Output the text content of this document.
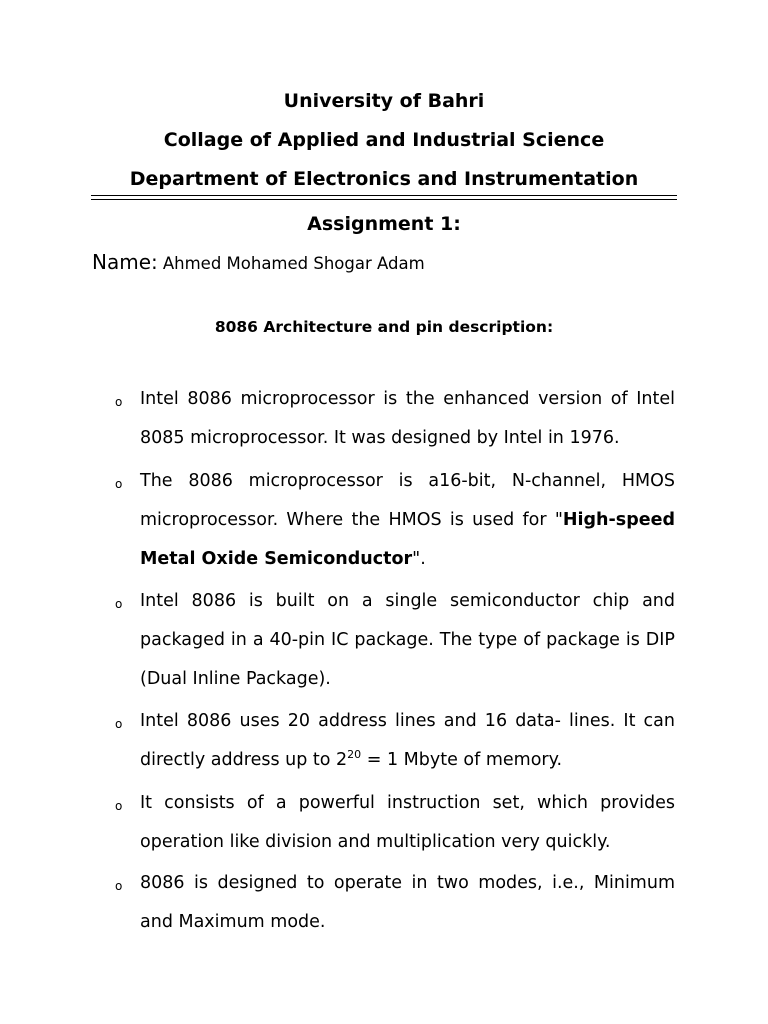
University of Bahri
Collage of Applied and Industrial Science
Department of Electronics and Instrumentation
Assignment 1:
Name: Ahmed Mohamed Shogar Adam
8086 Architecture and pin description:
o Intel 8086 microprocessor is the enhanced version of Intel 8085 microprocessor. It was designed by Intel in 1976.
o The 8086 microprocessor is a16-bit, N-channel, HMOS microprocessor. Where the HMOS is used for "High-speed Metal Oxide Semiconductor".
o Intel 8086 is built on a single semiconductor chip and packaged in a 40-pin IC package. The type of package is DIP (Dual Inline Package).
o Intel 8086 uses 20 address lines and 16 data- lines. It can directly address up to $2^{20} = 1$ Mbyte of memory.
o It consists of a powerful instruction set, which provides operation like division and multiplication very quickly.
o 8086 is designed to operate in two modes, i.e., Minimum and Maximum mode.
